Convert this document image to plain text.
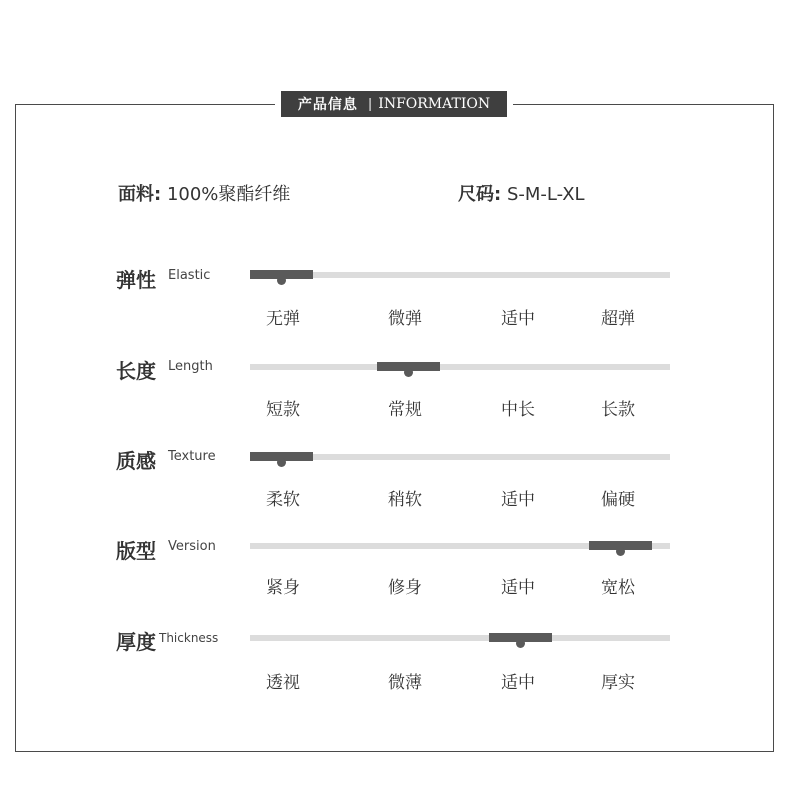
产品信息 | INFORMATION
面料: 100%聚酯纤维	尺码: S-M-L-XL
弹性 Elastic
无弹	微弹	适中	超弹
长度 Length
短款	常规	中长	长款
质感 Texture
柔软	稍软	适中	偏硬
版型 Version
紧身	修身	适中	宽松
厚度 Thickness
透视	微薄	适中	厚实
